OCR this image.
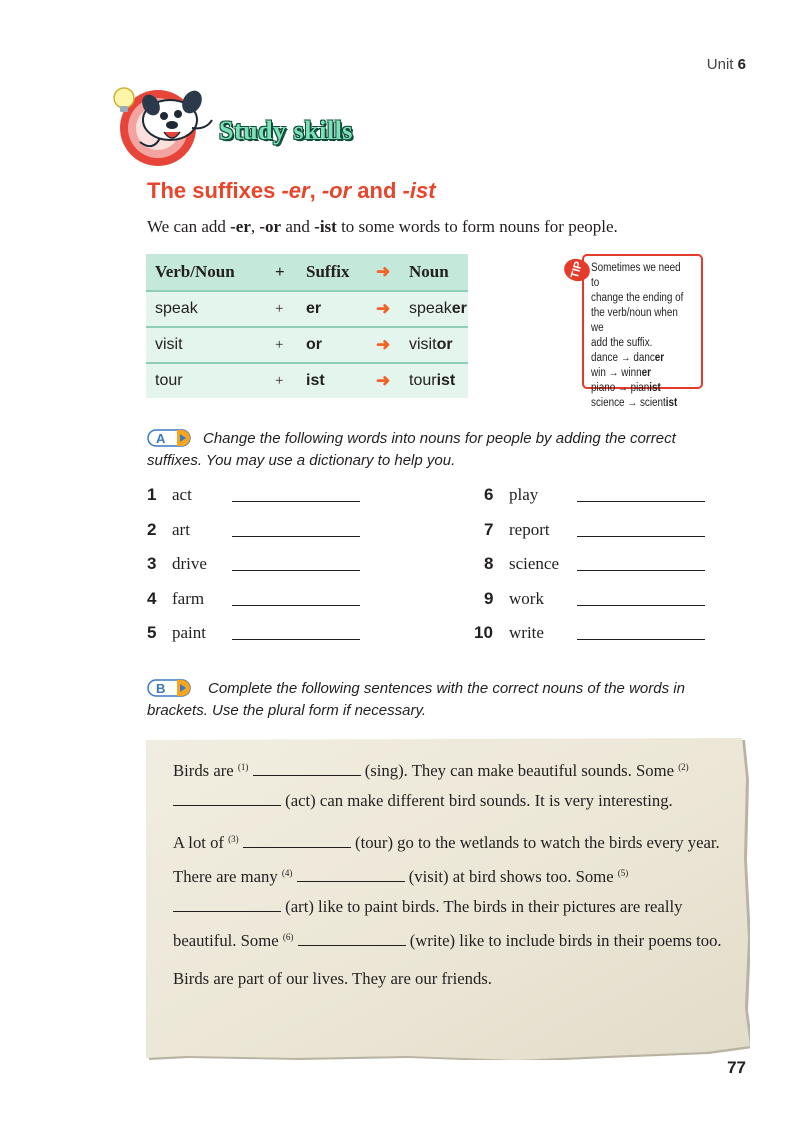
Unit 6
Study skills
The suffixes -er, -or and -ist
We can add -er, -or and -ist to some words to form nouns for people.
Verb/Noun	+	Suffix	➜	Noun
speak	+	er	➜	speaker
visit	+	or	➜	visitor
tour	+	ist	➜	tourist
TIP Sometimes we need to
change the ending of
the verb/noun when we
add the suffix.
dance → dancer
win → winner
piano → pianist
science → scientist
A	Change the following words into nouns for people by adding the correct suffixes. You may use a dictionary to help you.
1 act
2 art
3 drive
4 farm
5 paint
6 play
7 report
8 science
9 work
10 write
B	Complete the following sentences with the correct nouns of the words in brackets. Use the plural form if necessary.

Birds are $^{(1)}$	(sing). They can make beautiful sounds. Some $^{(2)}$  (act) can make different bird sounds. It is very interesting.

A lot of $^{(3)}$	(tour) go to the wetlands to watch the birds every year. There are many $^{(4)}$	(visit) at bird shows too. Some $^{(5)}$  (art) like to paint birds. The birds in their pictures are really beautiful. Some $^{(6)}$	(write) like to include birds in their poems too.

Birds are part of our lives. They are our friends.

77
